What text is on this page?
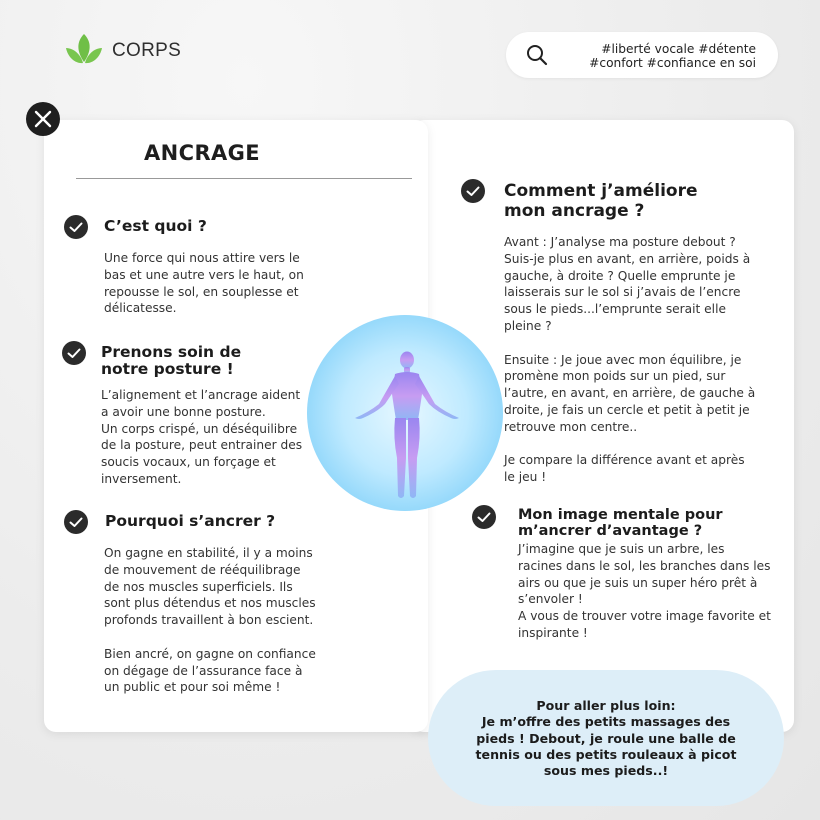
CORPS	#liberté vocale #détente
#confort #confiance en soi
ANCRAGE
C’est quoi ?
Une force qui nous attire vers le
bas et une autre vers le haut, on
repousse le sol, en souplesse et
délicatesse.
Prenons soin de
notre posture !
L’alignement et l’ancrage aident
a avoir une bonne posture.
Un corps crispé, un déséquilibre
de la posture, peut entrainer des
soucis vocaux, un forçage et
inversement.
Pourquoi s’ancrer ?
On gagne en stabilité, il y a moins
de mouvement de rééquilibrage
de nos muscles superficiels. Ils
sont plus détendus et nos muscles
profonds travaillent à bon escient.
Bien ancré, on gagne on confiance
on dégage de l’assurance face à
un public et pour soi même !
Comment j’améliore
mon ancrage ?
Avant : J’analyse ma posture debout ?
Suis-je plus en avant, en arrière, poids à
gauche, à droite ? Quelle emprunte je
laisserais sur le sol si j’avais de l’encre
sous le pieds...l’emprunte serait elle
pleine ?
Ensuite : Je joue avec mon équilibre, je
promène mon poids sur un pied, sur
l’autre, en avant, en arrière, de gauche à
droite, je fais un cercle et petit à petit je
retrouve mon centre..
Je compare la différence avant et après
le jeu !
Mon image mentale pour
m’ancrer d’avantage ?
J’imagine que je suis un arbre, les
racines dans le sol, les branches dans les
airs ou que je suis un super héro prêt à
s’envoler !
A vous de trouver votre image favorite et
inspirante !
Pour aller plus loin:
Je m’offre des petits massages des
pieds ! Debout, je roule une balle de
tennis ou des petits rouleaux à picot
sous mes pieds..!
